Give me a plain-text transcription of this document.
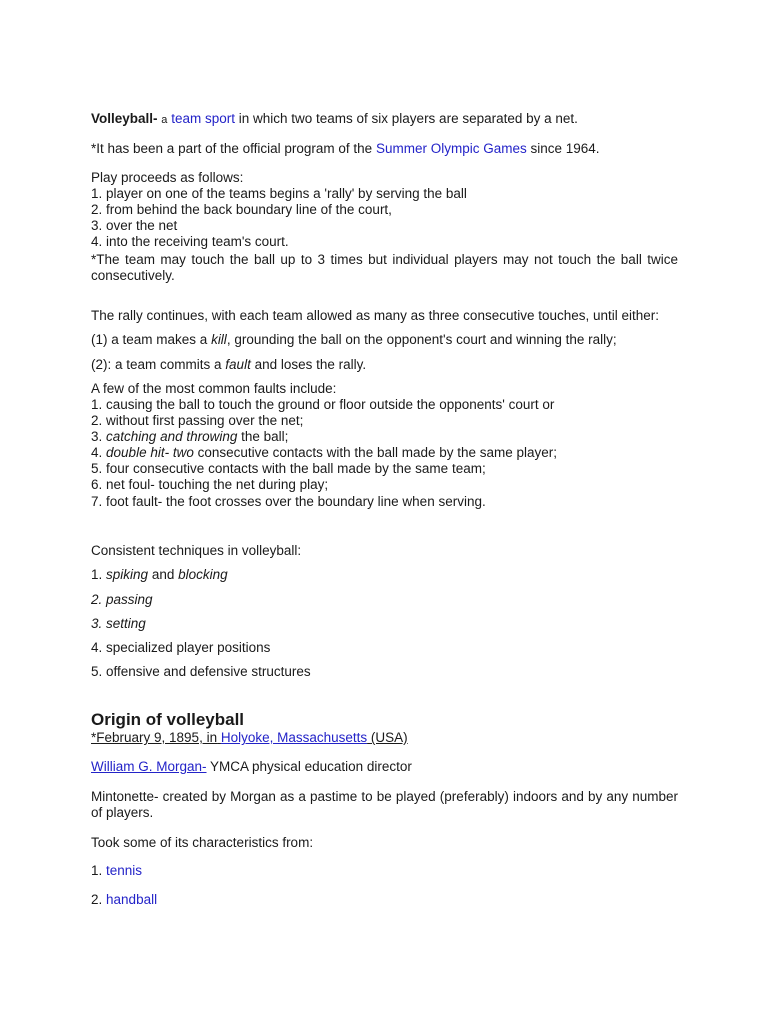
Volleyball- a team sport in which two teams of six players are separated by a net.
*It has been a part of the official program of the Summer Olympic Games since 1964.
Play proceeds as follows:
1. player on one of the teams begins a 'rally' by serving the ball
2. from behind the back boundary line of the court,
3. over the net
4. into the receiving team's court.
*The team may touch the ball up to 3 times but individual players may not touch the ball twice consecutively.
The rally continues, with each team allowed as many as three consecutive touches, until either:
(1) a team makes a kill, grounding the ball on the opponent's court and winning the rally;
(2): a team commits a fault and loses the rally.
A few of the most common faults include:
1. causing the ball to touch the ground or floor outside the opponents' court or
2. without first passing over the net;
3. catching and throwing the ball;
4. double hit- two consecutive contacts with the ball made by the same player;
5. four consecutive contacts with the ball made by the same team;
6. net foul- touching the net during play;
7. foot fault- the foot crosses over the boundary line when serving.
Consistent techniques in volleyball:
1. spiking and blocking
2. passing
3. setting
4. specialized player positions
5. offensive and defensive structures
Origin of volleyball
*February 9, 1895, in Holyoke, Massachusetts (USA)
William G. Morgan- YMCA physical education director
Mintonette- created by Morgan as a pastime to be played (preferably) indoors and by any number of players.
Took some of its characteristics from:
1. tennis
2. handball
